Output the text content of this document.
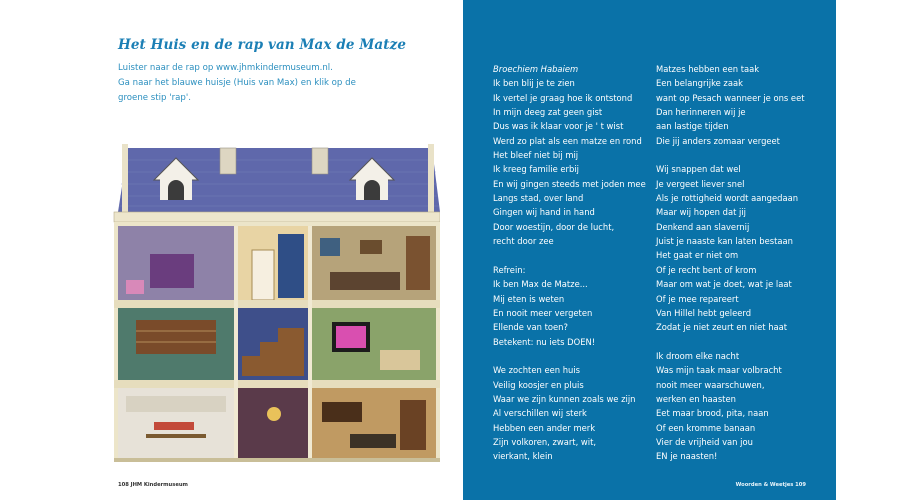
Het Huis en de rap van Max de Matze
Luister naar de rap op www.jhmkindermuseum.nl.
Ga naar het blauwe huisje (Huis van Max) en klik op de
groene stip 'rap'.
108 JHM Kindermuseum
Broechiem Habaiem
Ik ben blij je te zien
Ik vertel je graag hoe ik ontstond
In mijn deeg zat geen gist
Dus was ik klaar voor je ' t wist
Werd zo plat als een matze en rond
Het bleef niet bij mij
Ik kreeg familie erbij
En wij gingen steeds met joden mee
Langs stad, over land
Gingen wij hand in hand
Door woestijn, door de lucht,
recht door zee
Refrein:
Ik ben Max de Matze...
Mij eten is weten
En nooit meer vergeten
Ellende van toen?
Betekent: nu iets DOEN!
We zochten een huis
Veilig koosjer en pluis
Waar we zijn kunnen zoals we zijn
Al verschillen wij sterk
Hebben een ander merk
Zijn volkoren, zwart, wit,
vierkant, klein
Matzes hebben een taak
Een belangrijke zaak
want op Pesach wanneer je ons eet
Dan herinneren wij je
aan lastige tijden
Die jij anders zomaar vergeet
Wij snappen dat wel
Je vergeet liever snel
Als je rottigheid wordt aangedaan
Maar wij hopen dat jij
Denkend aan slavernij
Juist je naaste kan laten bestaan
Het gaat er niet om
Of je recht bent of krom
Maar om wat je doet, wat je laat
Of je mee repareert
Van Hillel hebt geleerd
Zodat je niet zeurt en niet haat
Ik droom elke nacht
Was mijn taak maar volbracht
nooit meer waarschuwen,
werken en haasten
Eet maar brood, pita, naan
Of een kromme banaan
Vier de vrijheid van jou
EN je naasten!
Woorden & Weetjes 109
